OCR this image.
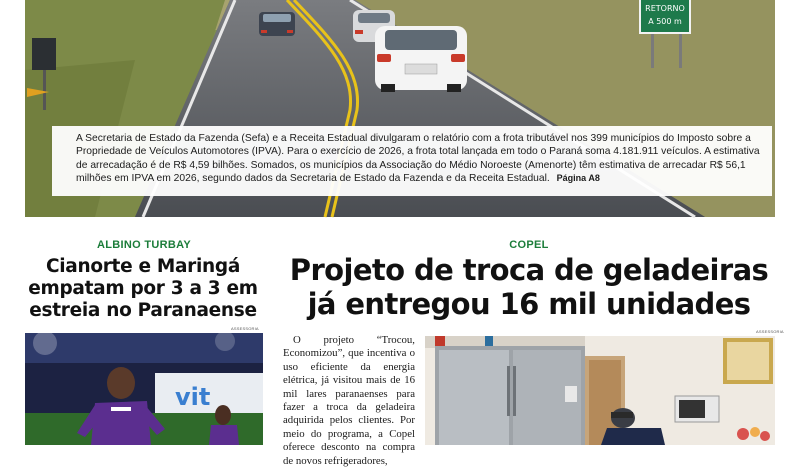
RETORNO
A 500 m
A Secretaria de Estado da Fazenda (Sefa) e a Receita Estadual divulgaram o relatório com a frota tributável nos 399 municípios do Imposto sobre a Propriedade de Veículos Automotores (IPVA). Para o exercício de 2026, a frota total lançada em todo o Paraná soma 4.181.911 veículos. A estimativa de arrecadação é de R$ 4,59 bilhões. Somados, os municípios da Associação do Médio Noroeste (Amenorte) têm estimativa de arrecadar R$ 56,1 milhões em IPVA em 2026, segundo dados da Secretaria de Estado da Fazenda e da Receita Estadual. Página A8
ALBINO TURBAY
Cianorte e Maringá empatam por 3 a 3 em estreia no Paranaense
ASSESSORIA
vit
COPEL
Projeto de troca de geladeiras já entregou 16 mil unidades
ASSESSORIA
O projeto “Trocou, Economizou”, que incentiva o uso eficiente da energia elétrica, já visitou mais de 16 mil lares paranaenses para fazer a troca da geladeira adquirida pelos clientes. Por meio do programa, a Copel oferece desconto na compra de novos refrigeradores,
